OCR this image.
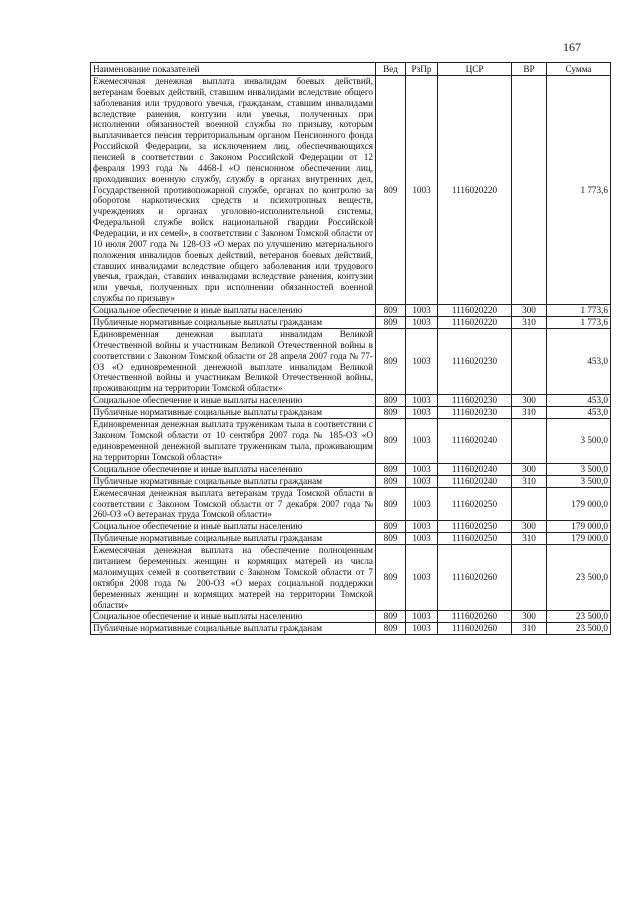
167
Наименование показателей	Вед	РзПр	ЦСР	ВР	Сумма
Ежемесячная денежная выплата инвалидам боевых действий, ветеранам боевых действий, ставшим инвалидами вследствие общего заболевания или трудового увечья, гражданам, ставшим инвалидами вследствие ранения, контузии или увечья, полученных при исполнении обязанностей военной службы по призыву, которым выплачивается пенсия территориальным органом Пенсионного фонда Российской Федерации, за исключением лиц, обеспечивающихся пенсией в соответствии с Законом Российской Федерации от 12 февраля 1993 года № 4468-I «О пенсионном обеспечении лиц, проходивших военную службу, службу в органах внутренних дел, Государственной противопожарной службе, органах по контролю за оборотом наркотических средств и психотропных веществ, учреждениях и органах уголовно-исполнительной системы, Федеральной службе войск национальной гвардии Российской Федерации, и их семей», в соответствии с Законом Томской области от 10 июля 2007 года № 128-ОЗ «О мерах по улучшению материального положения инвалидов боевых действий, ветеранов боевых действий, ставших инвалидами вследствие общего заболевания или трудового увечья, граждан, ставших инвалидами вследствие ранения, контузии или увечья, полученных при исполнении обязанностей военной службы по призыву»	809	1003	1116020220		1 773,6
Социальное обеспечение и иные выплаты населению	809	1003	1116020220	300	1 773,6
Публичные нормативные социальные выплаты гражданам	809	1003	1116020220	310	1 773,6
Единовременная денежная выплата инвалидам Великой Отечественной войны и участникам Великой Отечественной войны в соответствии с Законом Томской области от 28 апреля 2007 года № 77-ОЗ «О единовременной денежной выплате инвалидам Великой Отечественной войны и участникам Великой Отечественной войны, проживающим на территории Томской области»	809	1003	1116020230		453,0
Социальное обеспечение и иные выплаты населению	809	1003	1116020230	300	453,0
Публичные нормативные социальные выплаты гражданам	809	1003	1116020230	310	453,0
Единовременная денежная выплата труженикам тыла в соответствии с Законом Томской области от 10 сентября 2007 года № 185-ОЗ «О единовременной денежной выплате труженикам тыла, проживающим на территории Томской области»	809	1003	1116020240		3 500,0
Социальное обеспечение и иные выплаты населению	809	1003	1116020240	300	3 500,0
Публичные нормативные социальные выплаты гражданам	809	1003	1116020240	310	3 500,0
Ежемесячная денежная выплата ветеранам труда Томской области в соответствии с Законом Томской области от 7 декабря 2007 года № 260-ОЗ «О ветеранах труда Томской области»	809	1003	1116020250		179 000,0
Социальное обеспечение и иные выплаты населению	809	1003	1116020250	300	179 000,0
Публичные нормативные социальные выплаты гражданам	809	1003	1116020250	310	179 000,0
Ежемесячная денежная выплата на обеспечение полноценным питанием беременных женщин и кормящих матерей из числа малоимущих семей в соответствии с Законом Томской области от 7 октября 2008 года № 200-ОЗ «О мерах социальной поддержки беременных женщин и кормящих матерей на территории Томской области»	809	1003	1116020260		23 500,0
Социальное обеспечение и иные выплаты населению	809	1003	1116020260	300	23 500,0
Публичные нормативные социальные выплаты гражданам	809	1003	1116020260	310	23 500,0
